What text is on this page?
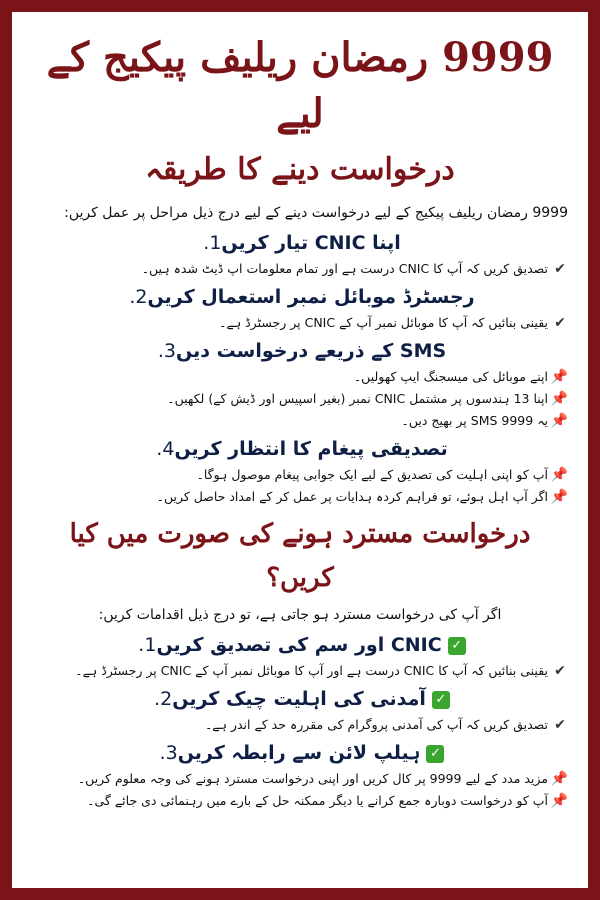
9999 رمضان ریلیف پیکیج کے لیے
درخواست دینے کا طریقہ
9999 رمضان ریلیف پیکیج کے لیے درخواست دینے کے لیے درج ذیل مراحل پر عمل کریں:
اپنا CNIC تیار کریں1.
✔
تصدیق کریں کہ آپ کا CNIC درست ہے اور تمام معلومات اپ ڈیٹ شدہ ہیں۔
رجسٹرڈ موبائل نمبر استعمال کریں2.
✔
یقینی بنائیں کہ آپ کا موبائل نمبر آپ کے CNIC پر رجسٹرڈ ہے۔
SMS کے ذریعے درخواست دیں3.
📌
اپنے موبائل کی میسجنگ ایپ کھولیں۔
📌
اپنا 13 ہندسوں پر مشتمل CNIC نمبر (بغیر اسپیس اور ڈیش کے) لکھیں۔
📌
یہ 9999 SMS پر بھیج دیں۔
تصدیقی پیغام کا انتظار کریں4.
📌
آپ کو اپنی اہلیت کی تصدیق کے لیے ایک جوابی پیغام موصول ہوگا۔
📌
اگر آپ اہل ہوئے، تو فراہم کردہ ہدایات پر عمل کر کے امداد حاصل کریں۔
درخواست مسترد ہونے کی صورت میں کیا کریں؟
اگر آپ کی درخواست مسترد ہو جاتی ہے، تو درج ذیل اقدامات کریں:
✓CNIC اور سم کی تصدیق کریں1.
✔
یقینی بنائیں کہ آپ کا CNIC درست ہے اور آپ کا موبائل نمبر آپ کے CNIC پر رجسٹرڈ ہے۔
✓آمدنی کی اہلیت چیک کریں2.
✔
تصدیق کریں کہ آپ کی آمدنی پروگرام کی مقررہ حد کے اندر ہے۔
✓ہیلپ لائن سے رابطہ کریں3.
📌
مزید مدد کے لیے 9999 پر کال کریں اور اپنی درخواست مسترد ہونے کی وجہ معلوم کریں۔
📌
آپ کو درخواست دوبارہ جمع کرانے یا دیگر ممکنہ حل کے بارے میں رہنمائی دی جائے گی۔
